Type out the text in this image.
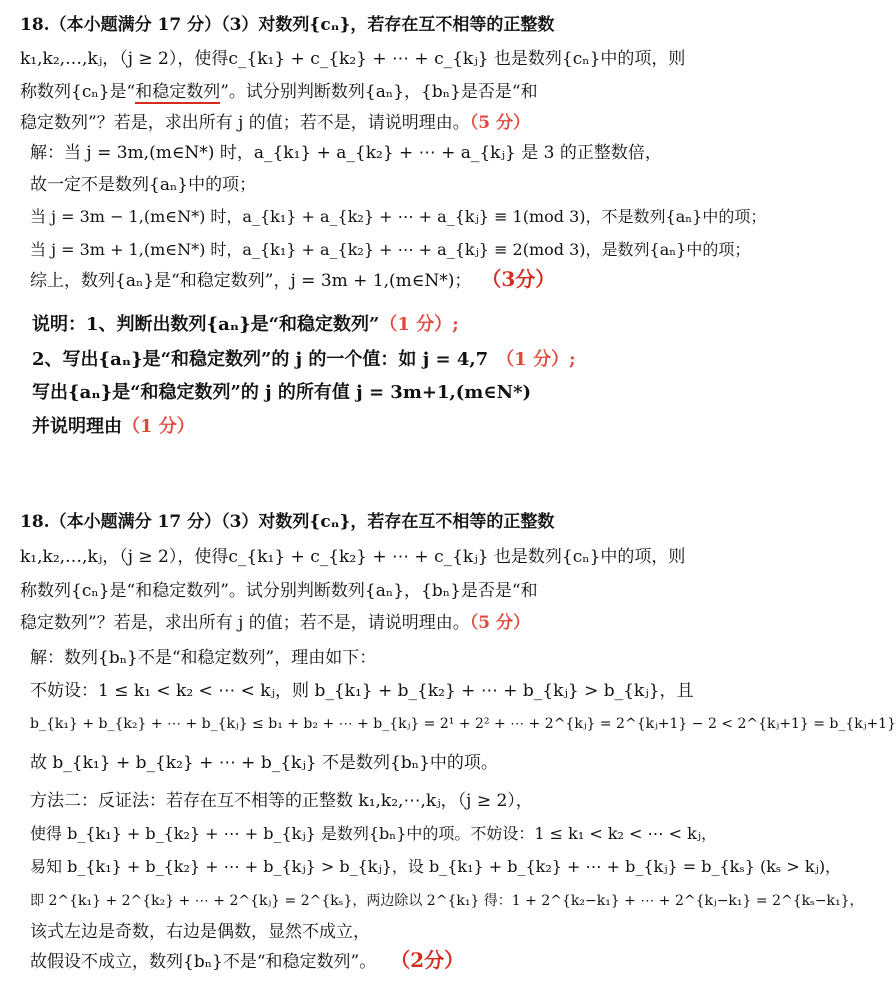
18.（本小题满分 17 分）（3）对数列{cₙ}，若存在互不相等的正整数
k₁,k₂,…,kⱼ，（j ≥ 2），使得c_{k₁} + c_{k₂} + ⋯ + c_{kⱼ} 也是数列{cₙ}中的项，则
称数列{cₙ}是“和稳定数列”。试分别判断数列{aₙ}，{bₙ}是否是“和
稳定数列”？若是，求出所有 j 的值；若不是，请说明理由。（5 分）
解：当 j = 3m,(m∈N*) 时，a_{k₁} + a_{k₂} + ⋯ + a_{kⱼ} 是 3 的正整数倍，
故一定不是数列{aₙ}中的项；
当 j = 3m − 1,(m∈N*) 时，a_{k₁} + a_{k₂} + ⋯ + a_{kⱼ} ≡ 1(mod 3)，不是数列{aₙ}中的项；
当 j = 3m + 1,(m∈N*) 时，a_{k₁} + a_{k₂} + ⋯ + a_{kⱼ} ≡ 2(mod 3)，是数列{aₙ}中的项；
综上，数列{aₙ}是“和稳定数列”，j = 3m + 1,(m∈N*)； （3分）
说明：1、判断出数列{aₙ}是“和稳定数列”（1 分）;
2、写出{aₙ}是“和稳定数列”的 j 的一个值：如 j = 4,7 （1 分）;
写出{aₙ}是“和稳定数列”的 j 的所有值 j = 3m+1,(m∈N*)
并说明理由（1 分）
18.（本小题满分 17 分）（3）对数列{cₙ}，若存在互不相等的正整数
k₁,k₂,…,kⱼ，（j ≥ 2），使得c_{k₁} + c_{k₂} + ⋯ + c_{kⱼ} 也是数列{cₙ}中的项，则
称数列{cₙ}是“和稳定数列”。试分别判断数列{aₙ}，{bₙ}是否是“和
稳定数列”？若是，求出所有 j 的值；若不是，请说明理由。（5 分）
解：数列{bₙ}不是“和稳定数列”，理由如下：
不妨设：1 ≤ k₁ < k₂ < ⋯ < kⱼ，则 b_{k₁} + b_{k₂} + ⋯ + b_{kⱼ} > b_{kⱼ}，且
b_{k₁} + b_{k₂} + ⋯ + b_{kⱼ} ≤ b₁ + b₂ + ⋯ + b_{kⱼ} = 2¹ + 2² + ⋯ + 2^{kⱼ} = 2^{kⱼ+1} − 2 < 2^{kⱼ+1} = b_{kⱼ+1}
故 b_{k₁} + b_{k₂} + ⋯ + b_{kⱼ} 不是数列{bₙ}中的项。
方法二：反证法：若存在互不相等的正整数 k₁,k₂,⋯,kⱼ，（j ≥ 2），
使得 b_{k₁} + b_{k₂} + ⋯ + b_{kⱼ} 是数列{bₙ}中的项。不妨设：1 ≤ k₁ < k₂ < ⋯ < kⱼ，
易知 b_{k₁} + b_{k₂} + ⋯ + b_{kⱼ} > b_{kⱼ}，设 b_{k₁} + b_{k₂} + ⋯ + b_{kⱼ} = b_{kₛ} (kₛ > kⱼ)，
即 2^{k₁} + 2^{k₂} + ⋯ + 2^{kⱼ} = 2^{kₛ}，两边除以 2^{k₁} 得：1 + 2^{k₂−k₁} + ⋯ + 2^{kⱼ−k₁} = 2^{kₛ−k₁}，
该式左边是奇数，右边是偶数，显然不成立，
故假设不成立，数列{bₙ}不是“和稳定数列”。 （2分）
